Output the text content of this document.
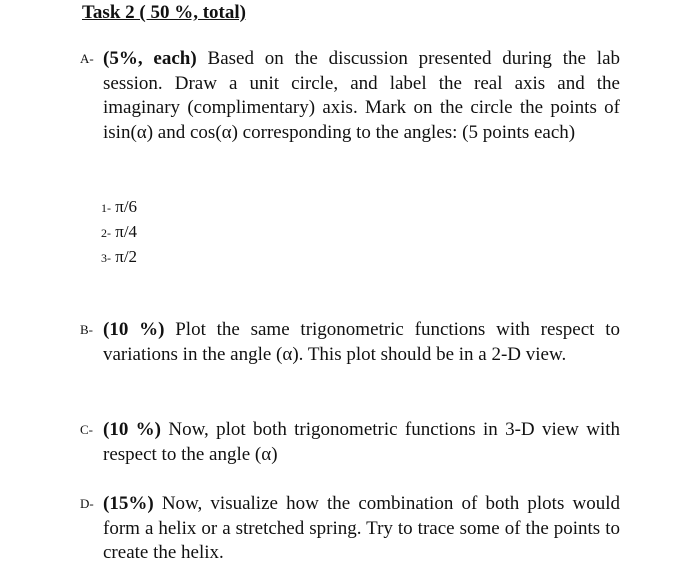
Task 2 ( 50 %, total)
A- (5%, each) Based on the discussion presented during the lab session. Draw a unit circle, and label the real axis and the imaginary (complimentary) axis. Mark on the circle the points of isin(α) and cos(α) corresponding to the angles: (5 points each)
1- π/6
2- π/4
3- π/2
B- (10 %) Plot the same trigonometric functions with respect to variations in the angle (α). This plot should be in a 2-D view.
C- (10 %) Now, plot both trigonometric functions in 3-D view with respect to the angle (α)
D- (15%) Now, visualize how the combination of both plots would form a helix or a stretched spring. Try to trace some of the points to create the helix.
